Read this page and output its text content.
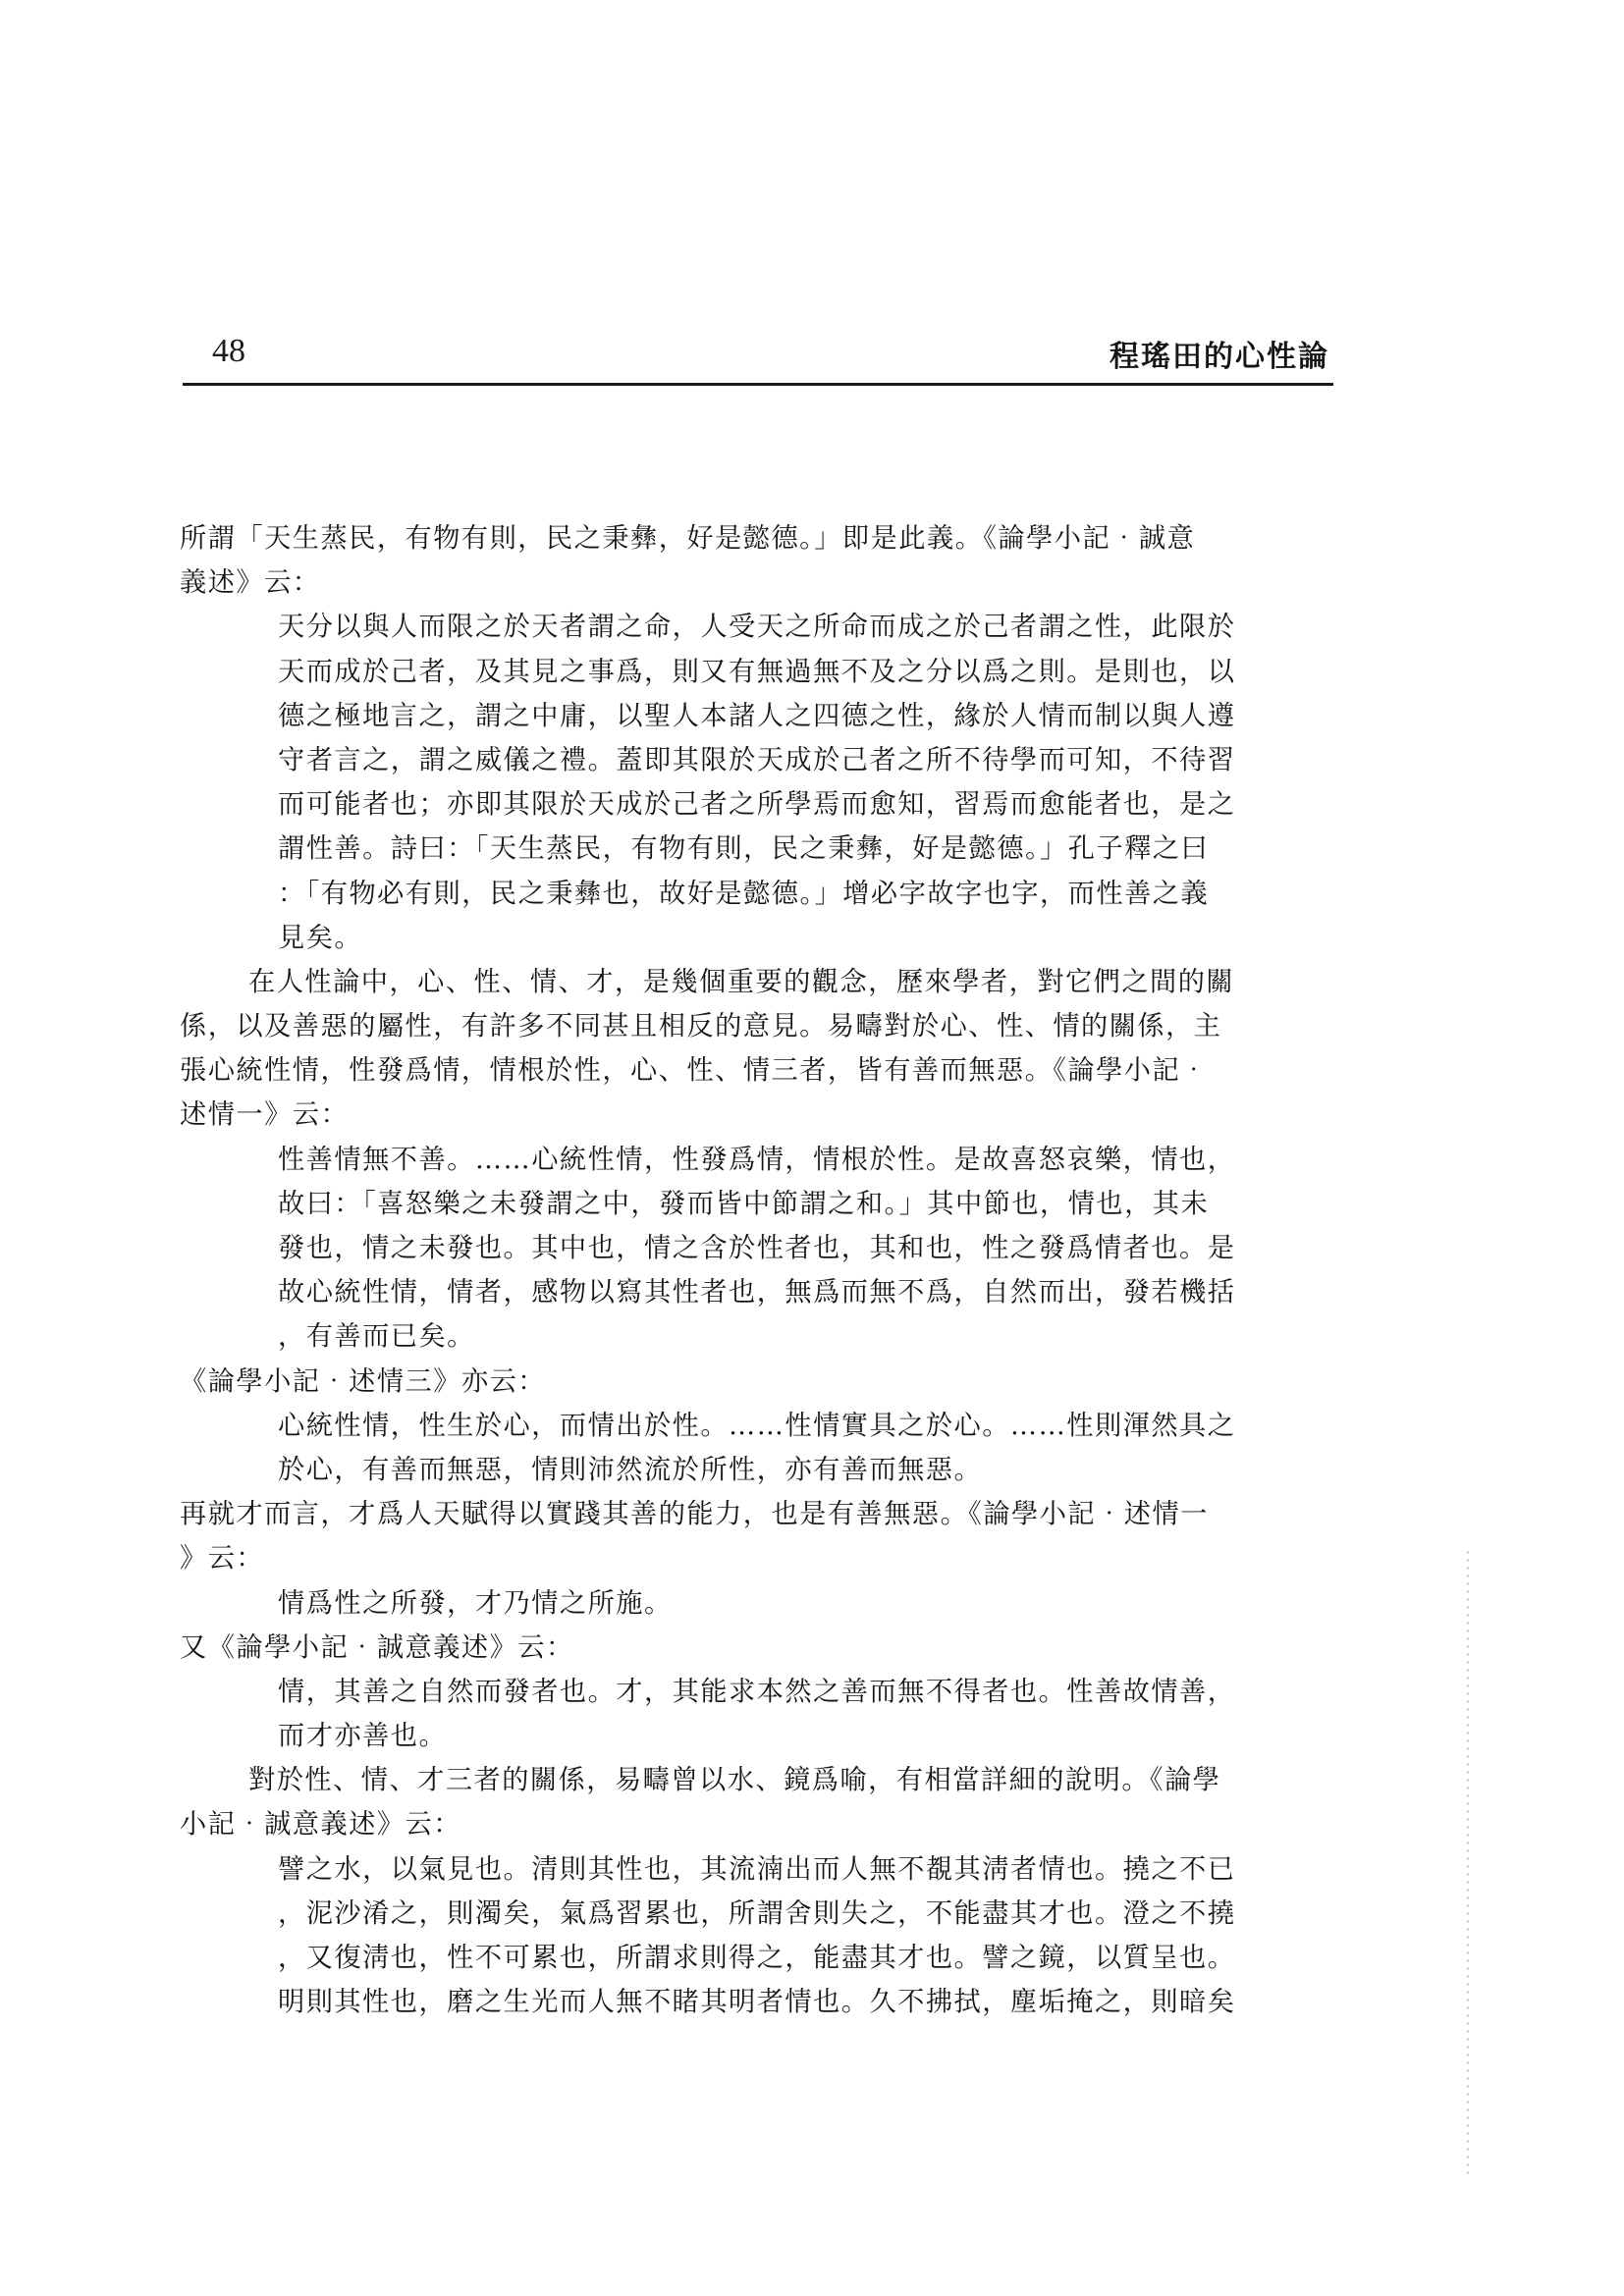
48	程瑤田的心性論
所謂「天生蒸民，有物有則，民之秉彝，好是懿德。」即是此義。《論學小記‧誠意
義述》云：
天分以與人而限之於天者謂之命，人受天之所命而成之於己者謂之性，此限於
天而成於己者，及其見之事爲，則又有無過無不及之分以爲之則。是則也，以
德之極地言之，謂之中庸，以聖人本諸人之四德之性，緣於人情而制以與人遵
守者言之，謂之威儀之禮。蓋即其限於天成於己者之所不待學而可知，不待習
而可能者也；亦即其限於天成於己者之所學焉而愈知，習焉而愈能者也，是之
謂性善。詩曰：「天生蒸民，有物有則，民之秉彝，好是懿德。」孔子釋之曰
：「有物必有則，民之秉彝也，故好是懿德。」增必字故字也字，而性善之義
見矣。
在人性論中，心、性、情、才，是幾個重要的觀念，歷來學者，對它們之間的關
係，以及善惡的屬性，有許多不同甚且相反的意見。易疇對於心、性、情的關係，主
張心統性情，性發爲情，情根於性，心、性、情三者，皆有善而無惡。《論學小記‧
述情一》云：
性善情無不善。……心統性情，性發爲情，情根於性。是故喜怒哀樂，情也，
故曰：「喜怒樂之未發謂之中，發而皆中節謂之和。」其中節也，情也，其未
發也，情之未發也。其中也，情之含於性者也，其和也，性之發爲情者也。是
故心統性情，情者，感物以寫其性者也，無爲而無不爲，自然而出，發若機括
，有善而已矣。
《論學小記‧述情三》亦云：
心統性情，性生於心，而情出於性。……性情實具之於心。……性則渾然具之
於心，有善而無惡，情則沛然流於所性，亦有善而無惡。
再就才而言，才爲人天賦得以實踐其善的能力，也是有善無惡。《論學小記‧述情一
》云：
情爲性之所發，才乃情之所施。
又《論學小記‧誠意義述》云：
情，其善之自然而發者也。才，其能求本然之善而無不得者也。性善故情善，
而才亦善也。
對於性、情、才三者的關係，易疇曾以水、鏡爲喻，有相當詳細的說明。《論學
小記‧誠意義述》云：
譬之水，以氣見也。清則其性也，其流湳出而人無不覩其淸者情也。撓之不已
，泥沙淆之，則濁矣，氣爲習累也，所謂舍則失之，不能盡其才也。澄之不撓
，又復淸也，性不可累也，所謂求則得之，能盡其才也。譬之鏡，以質呈也。
明則其性也，磨之生光而人無不睹其明者情也。久不拂拭，塵垢掩之，則暗矣
